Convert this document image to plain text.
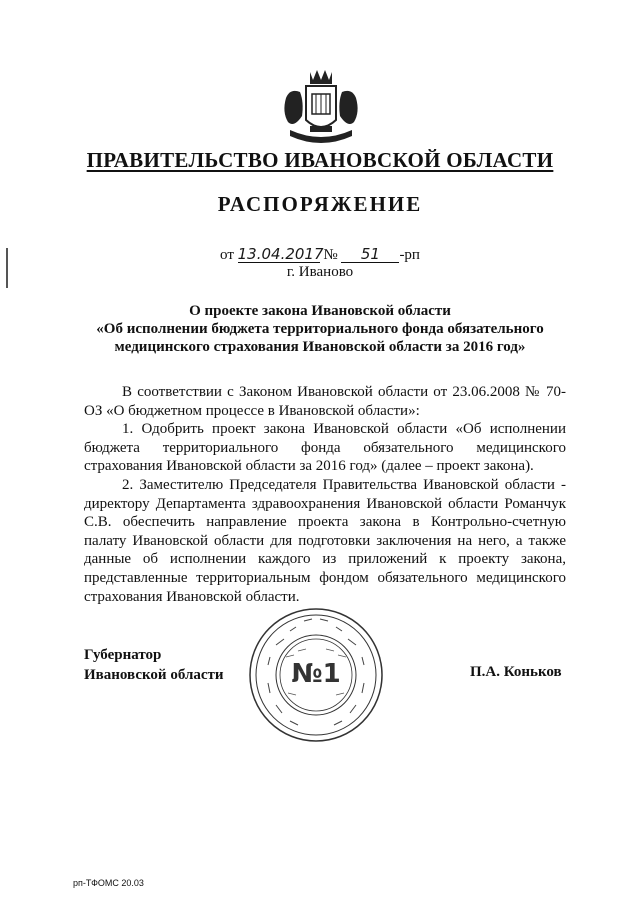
ПРАВИТЕЛЬСТВО ИВАНОВСКОЙ ОБЛАСТИ
РАСПОРЯЖЕНИЕ
от 13.04.2017 № 51 -рп
г. Иваново
О проекте закона Ивановской области
«Об исполнении бюджета территориального фонда обязательного
медицинского страхования Ивановской области за 2016 год»

В соответствии с Законом Ивановской области от 23.06.2008 № 70-ОЗ «О бюджетном процессе в Ивановской области»:

1. Одобрить проект закона Ивановской области «Об исполнении бюджета территориального фонда обязательного медицинского страхования Ивановской области за 2016 год» (далее – проект закона).

2. Заместителю Председателя Правительства Ивановской области - директору Департамента здравоохранения Ивановской области Романчук С.В. обеспечить направление проекта закона в Контрольно-счетную палату Ивановской области для подготовки заключения на него, а также данные об исполнении каждого из приложений к проекту закона, представленные территориальным фондом обязательного медицинского страхования Ивановской области.

№1
Губернатор
Ивановской области	П.А. Коньков
рп-ТФОМС 20.03
